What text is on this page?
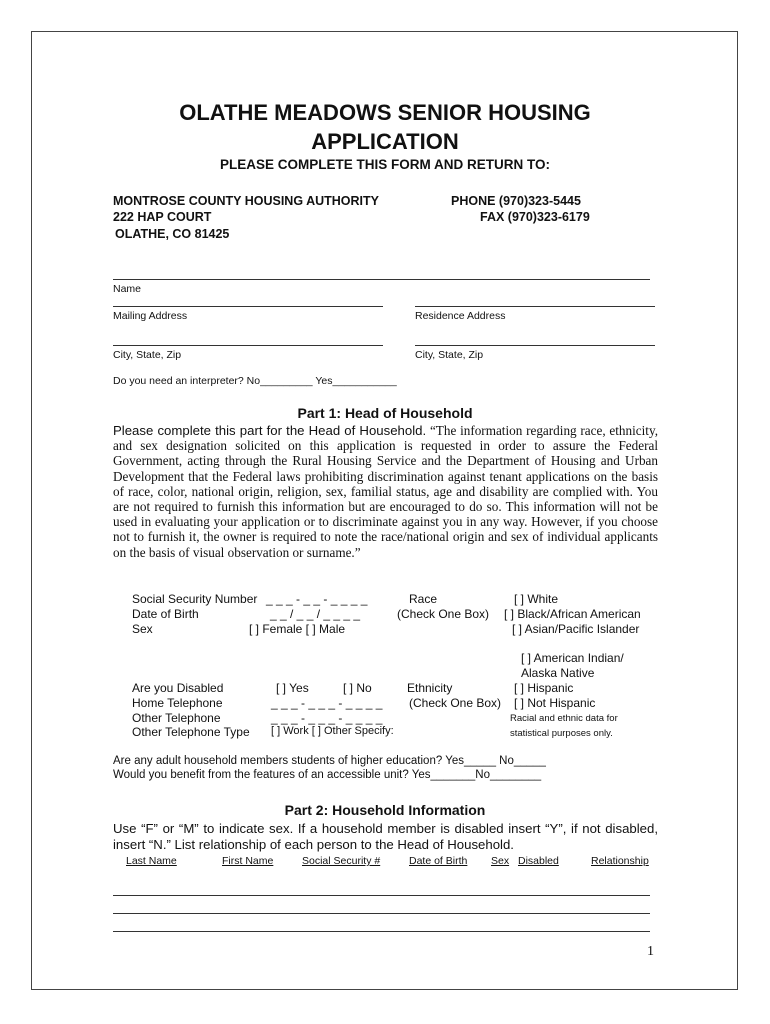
OLATHE MEADOWS SENIOR HOUSING
APPLICATION
PLEASE COMPLETE THIS FORM AND RETURN TO:
MONTROSE COUNTY HOUSING AUTHORITY
222 HAP COURT
OLATHE, CO 81425
PHONE (970)323-5445
FAX (970)323-6179
Name
Mailing Address	Residence Address
City, State, Zip	City, State, Zip
Do you need an interpreter? No_________ Yes___________
Part 1: Head of Household
Please complete this part for the Head of Household. “The information regarding race, ethnicity, and sex designation solicited on this application is requested in order to assure the Federal Government, acting through the Rural Housing Service and the Department of Housing and Urban Development that the Federal laws prohibiting discrimination against tenant applications on the basis of race, color, national origin, religion, sex, familial status, age and disability are complied with. You are not required to furnish this information but are encouraged to do so. This information will not be used in evaluating your application or to discriminate against you in any way. However, if you choose not to furnish it, the owner is required to note the race/national origin and sex of individual applicants on the basis of visual observation or surname.”
Social Security Number _ _ _ - _ _ - _ _ _ _
Date of Birth	_ _ / _ _ / _ _ _ _
Sex	[ ] Female [ ] Male
Race
(Check One Box)
[ ] White
[ ] Black/African American
[ ] Asian/Pacific Islander
[ ] American Indian/
Alaska Native
Are you Disabled	[ ] Yes	[ ] No	Ethnicity
(Check One Box)
[ ] Hispanic
[ ] Not Hispanic
Home Telephone	_ _ _ - _ _ _ - _ _ _ _
Other Telephone	_ _ _ - _ _ _ - _ _ _ _
Other Telephone Type [ ] Work [ ] Other Specify:
Racial and ethnic data for
statistical purposes only.
Are any adult household members students of higher education? Yes_____ No_____
Would you benefit from the features of an accessible unit? Yes_______No________
Part 2: Household Information
Use “F” or “M” to indicate sex. If a household member is disabled insert “Y”, if not disabled, insert “N.” List relationship of each person to the Head of Household.
Last Name	First Name	Social Security #	Date of Birth Sex Disabled	Relationship
1
